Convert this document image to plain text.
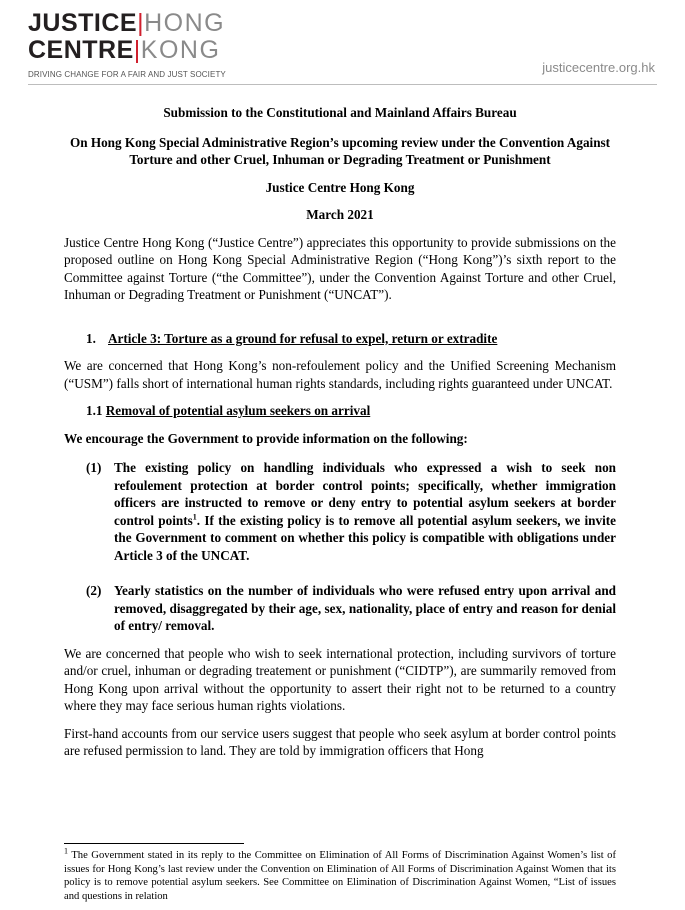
JUSTICE|HONG
CENTRE|KONG
DRIVING CHANGE FOR A FAIR AND JUST SOCIETY	justicecentre.org.hk

Submission to the Constitutional and Mainland Affairs Bureau

On Hong Kong Special Administrative Region’s upcoming review under the Convention Against Torture and other Cruel, Inhuman or Degrading Treatment or Punishment

Justice Centre Hong Kong

March 2021

Justice Centre Hong Kong (“Justice Centre”) appreciates this opportunity to provide submissions on the proposed outline on Hong Kong Special Administrative Region (“Hong Kong”)’s sixth report to the Committee against Torture (“the Committee”), under the Convention Against Torture and other Cruel, Inhuman or Degrading Treatment or Punishment (“UNCAT”).

1. Article 3: Torture as a ground for refusal to expel, return or extradite

We are concerned that Hong Kong’s non-refoulement policy and the Unified Screening Mechanism (“USM”) falls short of international human rights standards, including rights guaranteed under UNCAT.

1.1 Removal of potential asylum seekers on arrival

We encourage the Government to provide information on the following:

(1) The existing policy on handling individuals who expressed a wish to seek non refoulement protection at border control points; specifically, whether immigration officers are instructed to remove or deny entry to potential asylum seekers at border control points$^1$. If the existing policy is to remove all potential asylum seekers, we invite the Government to comment on whether this policy is compatible with obligations under Article 3 of the UNCAT.
(2) Yearly statistics on the number of individuals who were refused entry upon arrival and removed, disaggregated by their age, sex, nationality, place of entry and reason for denial of entry/ removal.

We are concerned that people who wish to seek international protection, including survivors of torture and/or cruel, inhuman or degrading treatement or punishment (“CIDTP”), are summarily removed from Hong Kong upon arrival without the opportunity to assert their right not to be returned to a country where they may face serious human rights violations.

First-hand accounts from our service users suggest that people who seek asylum at border control points are refused permission to land. They are told by immigration officers that Hong

$^1$ The Government stated in its reply to the Committee on Elimination of All Forms of Discrimination Against Women’s list of issues for Hong Kong’s last review under the Convention on Elimination of All Forms of Discrimination Against Women that its policy is to remove potential asylum seekers. See Committee on Elimination of Discrimination Against Women, “List of issues and questions in relation
